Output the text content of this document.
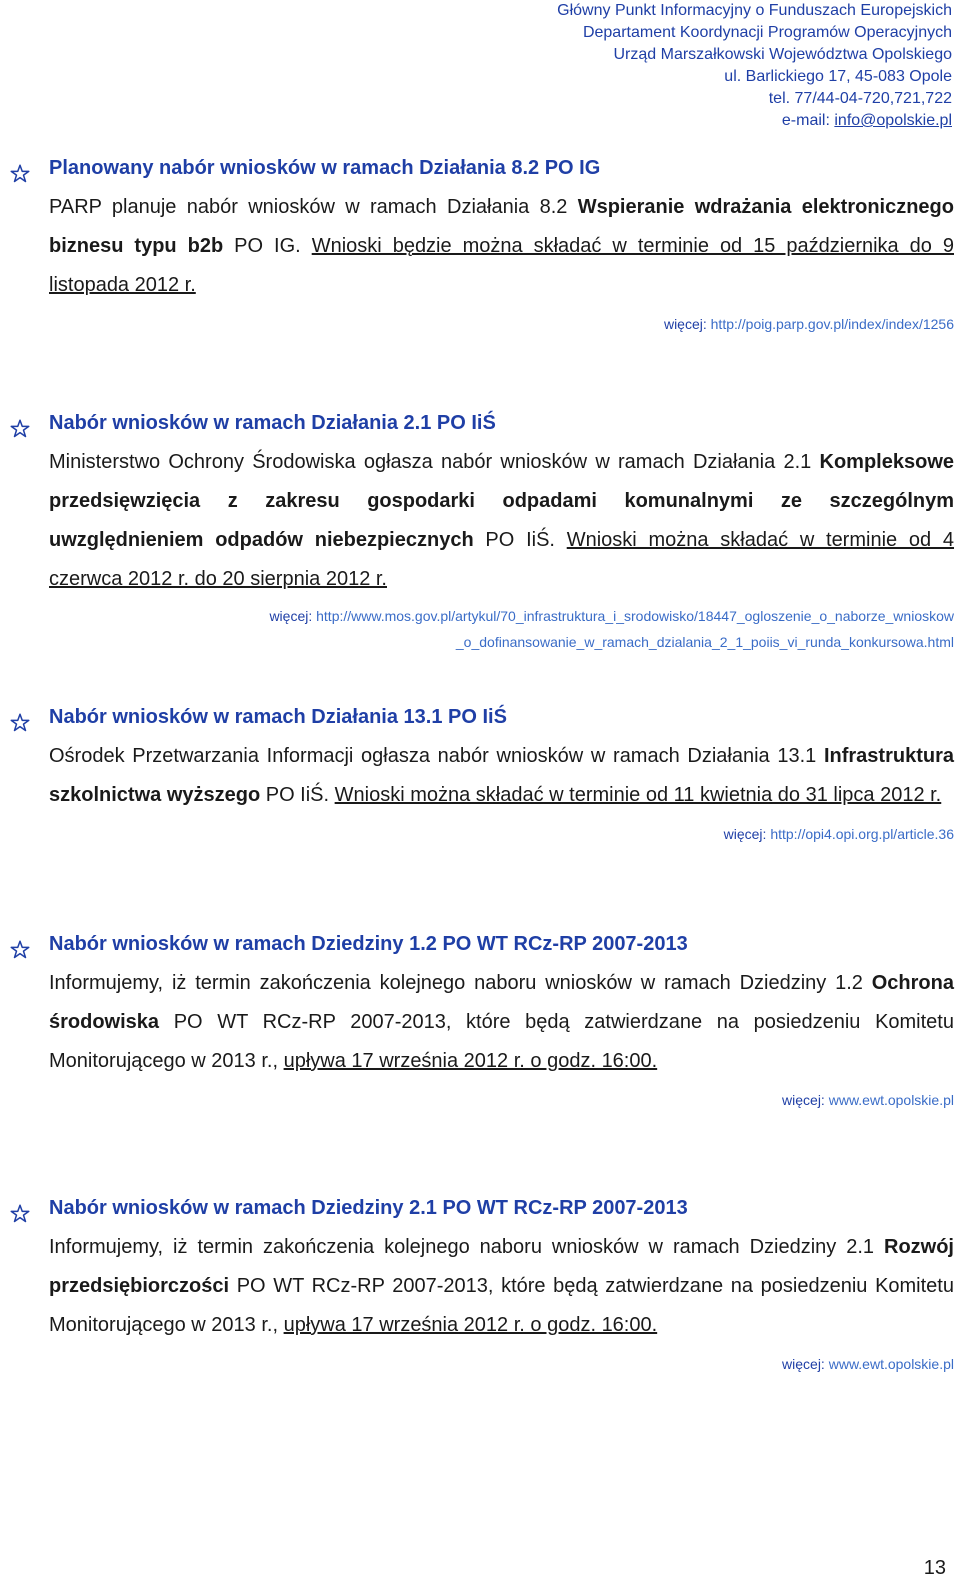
Główny Punkt Informacyjny o Funduszach Europejskich
Departament Koordynacji Programów Operacyjnych
Urząd Marszałkowski Województwa Opolskiego
ul. Barlickiego 17, 45-083 Opole
tel. 77/44-04-720,721,722
e-mail: info@opolskie.pl
Planowany nabór wniosków w ramach Działania 8.2 PO IG
PARP planuje nabór wniosków w ramach Działania 8.2 Wspieranie wdrażania elektronicznego biznesu typu b2b PO IG. Wnioski będzie można składać w terminie od 15 października do 9 listopada 2012 r.
więcej: http://poig.parp.gov.pl/index/index/1256
Nabór wniosków w ramach Działania 2.1 PO IiŚ
Ministerstwo Ochrony Środowiska ogłasza nabór wniosków w ramach Działania 2.1 Kompleksowe przedsięwzięcia z zakresu gospodarki odpadami komunalnymi ze szczególnym uwzględnieniem odpadów niebezpiecznych PO IiŚ. Wnioski można składać w terminie od 4 czerwca 2012 r. do 20 sierpnia 2012 r.
więcej: http://www.mos.gov.pl/artykul/70_infrastruktura_i_srodowisko/18447_ogloszenie_o_naborze_wnioskow
_o_dofinansowanie_w_ramach_dzialania_2_1_poiis_vi_runda_konkursowa.html
Nabór wniosków w ramach Działania 13.1 PO IiŚ
Ośrodek Przetwarzania Informacji ogłasza nabór wniosków w ramach Działania 13.1 Infrastruktura szkolnictwa wyższego PO IiŚ. Wnioski można składać w terminie od 11 kwietnia do 31 lipca 2012 r.
więcej: http://opi4.opi.org.pl/article.36
Nabór wniosków w ramach Dziedziny 1.2 PO WT RCz-RP 2007-2013
Informujemy, iż termin zakończenia kolejnego naboru wniosków w ramach Dziedziny 1.2 Ochrona środowiska PO WT RCz-RP 2007-2013, które będą zatwierdzane na posiedzeniu Komitetu Monitorującego w 2013 r., upływa 17 września 2012 r. o godz. 16:00.
więcej: www.ewt.opolskie.pl
Nabór wniosków w ramach Dziedziny 2.1 PO WT RCz-RP 2007-2013
Informujemy, iż termin zakończenia kolejnego naboru wniosków w ramach Dziedziny 2.1 Rozwój przedsiębiorczości PO WT RCz-RP 2007-2013, które będą zatwierdzane na posiedzeniu Komitetu Monitorującego w 2013 r., upływa 17 września 2012 r. o godz. 16:00.
więcej: www.ewt.opolskie.pl
13
